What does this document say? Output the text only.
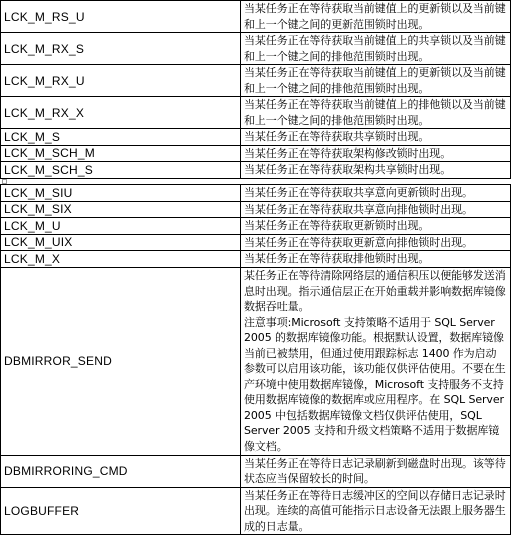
LCK_M_RS_U	当某任务正在等待获取当前键值上的更新锁以及当前键和上一个键之间的更新范围锁时出现。
LCK_M_RX_S	当某任务正在等待获取当前键值上的共享锁以及当前键和上一个键之间的排他范围锁时出现。
LCK_M_RX_U	当某任务正在等待获取当前键值上的更新锁以及当前键和上一个键之间的排他范围锁时出现。
LCK_M_RX_X	当某任务正在等待获取当前键值上的排他锁以及当前键和上一个键之间的排他范围锁时出现。
LCK_M_S	当某任务正在等待获取共享锁时出现。
LCK_M_SCH_M	当某任务正在等待获取架构修改锁时出现。
LCK_M_SCH_S	当某任务正在等待获取架构共享锁时出现。
LCK_M_SIU	当某任务正在等待获取共享意向更新锁时出现。
LCK_M_SIX	当某任务正在等待获取共享意向排他锁时出现。
LCK_M_U	当某任务正在等待获取更新锁时出现。
LCK_M_UIX	当某任务正在等待获取更新意向排他锁时出现。
LCK_M_X	当某任务正在等待获取排他锁时出现。
DBMIRROR_SEND	某任务正在等待清除网络层的通信积压以便能够发送消息时出现。指示通信层正在开始重载并影响数据库镜像数据吞吐量。

注意事项:Microsoft 支持策略不适用于 SQL Server 2005 的数据库镜像功能。根据默认设置，数据库镜像当前已被禁用，但通过使用跟踪标志 1400 作为启动参数可以启用该功能，该功能仅供评估使用。不要在生产环境中使用数据库镜像，Microsoft 支持服务不支持使用数据库镜像的数据库或应用程序。在 SQL Server 2005 中包括数据库镜像文档仅供评估使用，SQL Server 2005 支持和升级文档策略不适用于数据库镜像文档。

DBMIRRORING_CMD	当某任务正在等待日志记录刷新到磁盘时出现。该等待状态应当保留较长的时间。
LOGBUFFER	当某任务正在等待日志缓冲区的空间以存储日志记录时出现。连续的高值可能指示日志设备无法跟上服务器生成的日志量。
